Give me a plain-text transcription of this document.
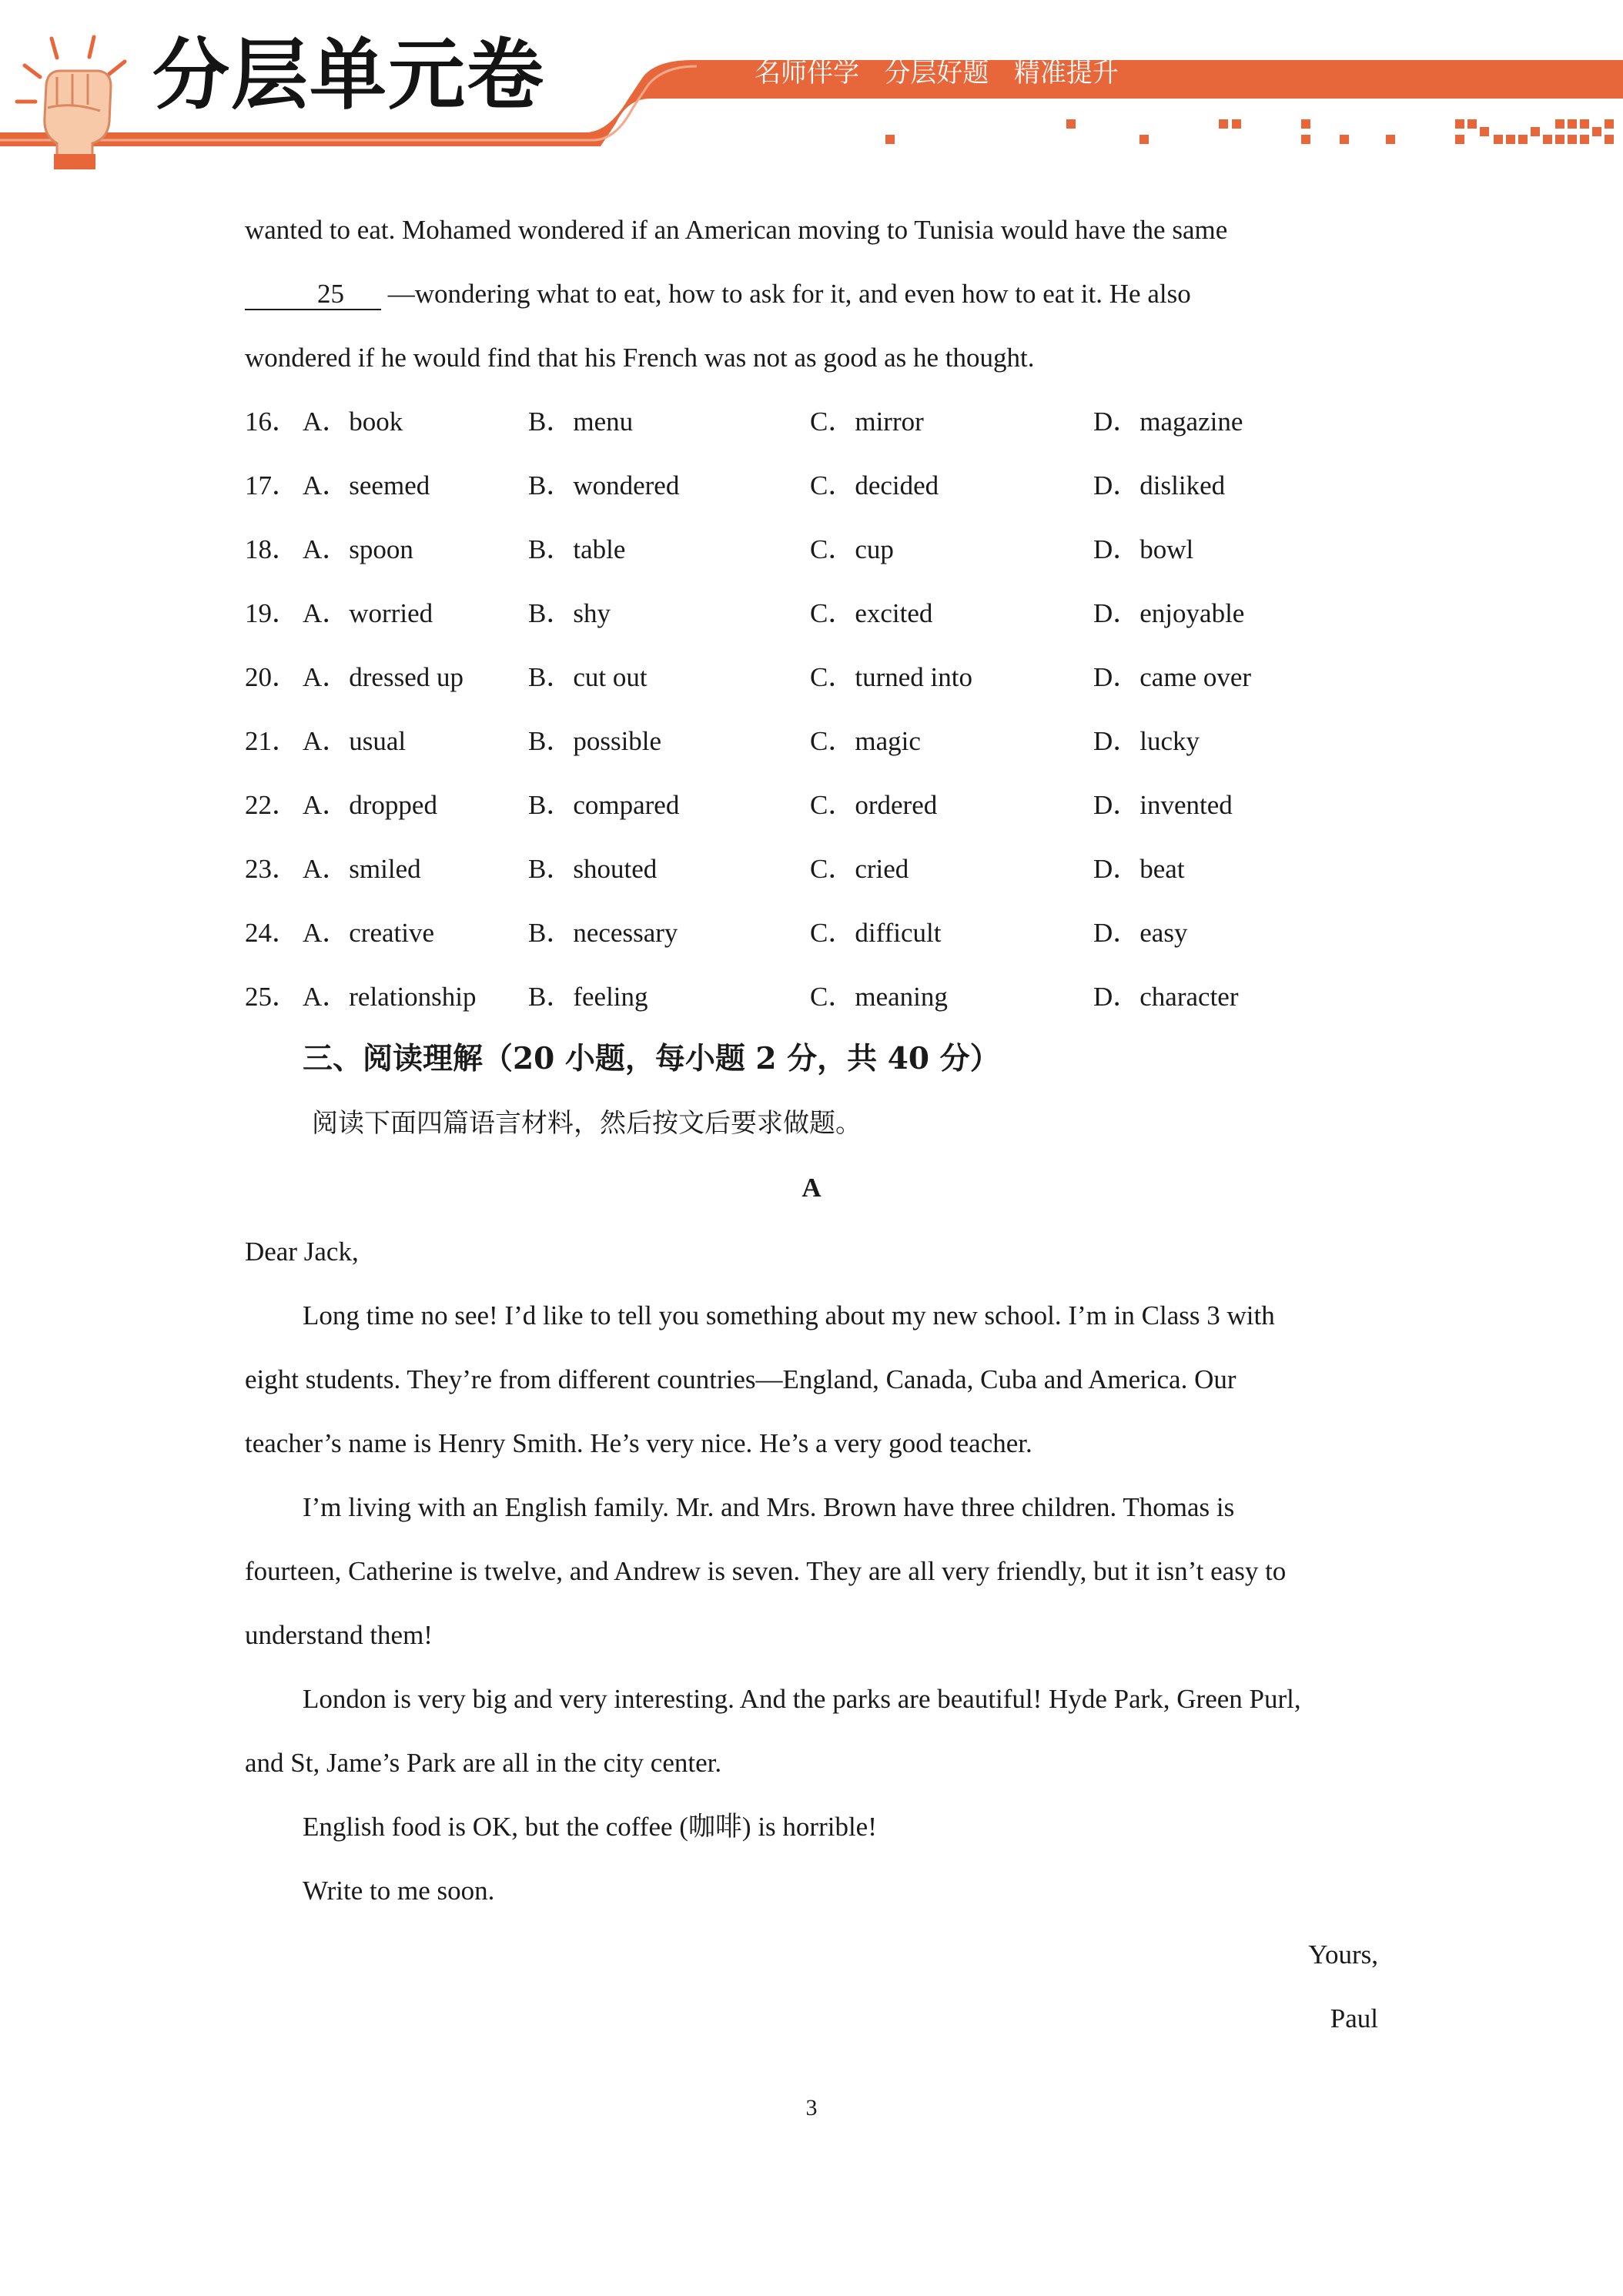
分层单元卷	名师伴学   分层好题   精准提升
wanted to eat. Mohamed wondered if an American moving to Tunisia would have the same
25 —wondering what to eat, how to ask for it, and even how to eat it. He also
wondered if he would find that his French was not as good as he thought.
16． A．book	B．menu	C．mirror	D．magazine
17． A．seemed	B．wondered	C．decided	D．disliked
18． A．spoon	B．table	C．cup	D．bowl
19． A．worried	B．shy	C．excited	D．enjoyable
20． A．dressed up B．cut out	C．turned into	D．came over
21． A．usual	B．possible	C．magic	D．lucky
22． A．dropped	B．compared	C．ordered	D．invented
23． A．smiled	B．shouted	C．cried	D．beat
24． A．creative	B．necessary	C．difficult	D．easy
25． A．relationship B．feeling	C．meaning	D．character
三、阅读理解（20 小题，每小题 2 分，共 40 分）
阅读下面四篇语言材料，然后按文后要求做题。
A
Dear Jack,
Long time no see! I’d like to tell you something about my new school. I’m in Class 3 with
eight students. They’re from different countries—England, Canada, Cuba and America. Our
teacher’s name is Henry Smith. He’s very nice. He’s a very good teacher.
I’m living with an English family. Mr. and Mrs. Brown have three children. Thomas is
fourteen, Catherine is twelve, and Andrew is seven. They are all very friendly, but it isn’t easy to
understand them!
London is very big and very interesting. And the parks are beautiful! Hyde Park, Green Purl,
and St, Jame’s Park are all in the city center.
English food is OK, but the coffee (咖啡) is horrible!
Write to me soon.
Yours,
Paul
3
